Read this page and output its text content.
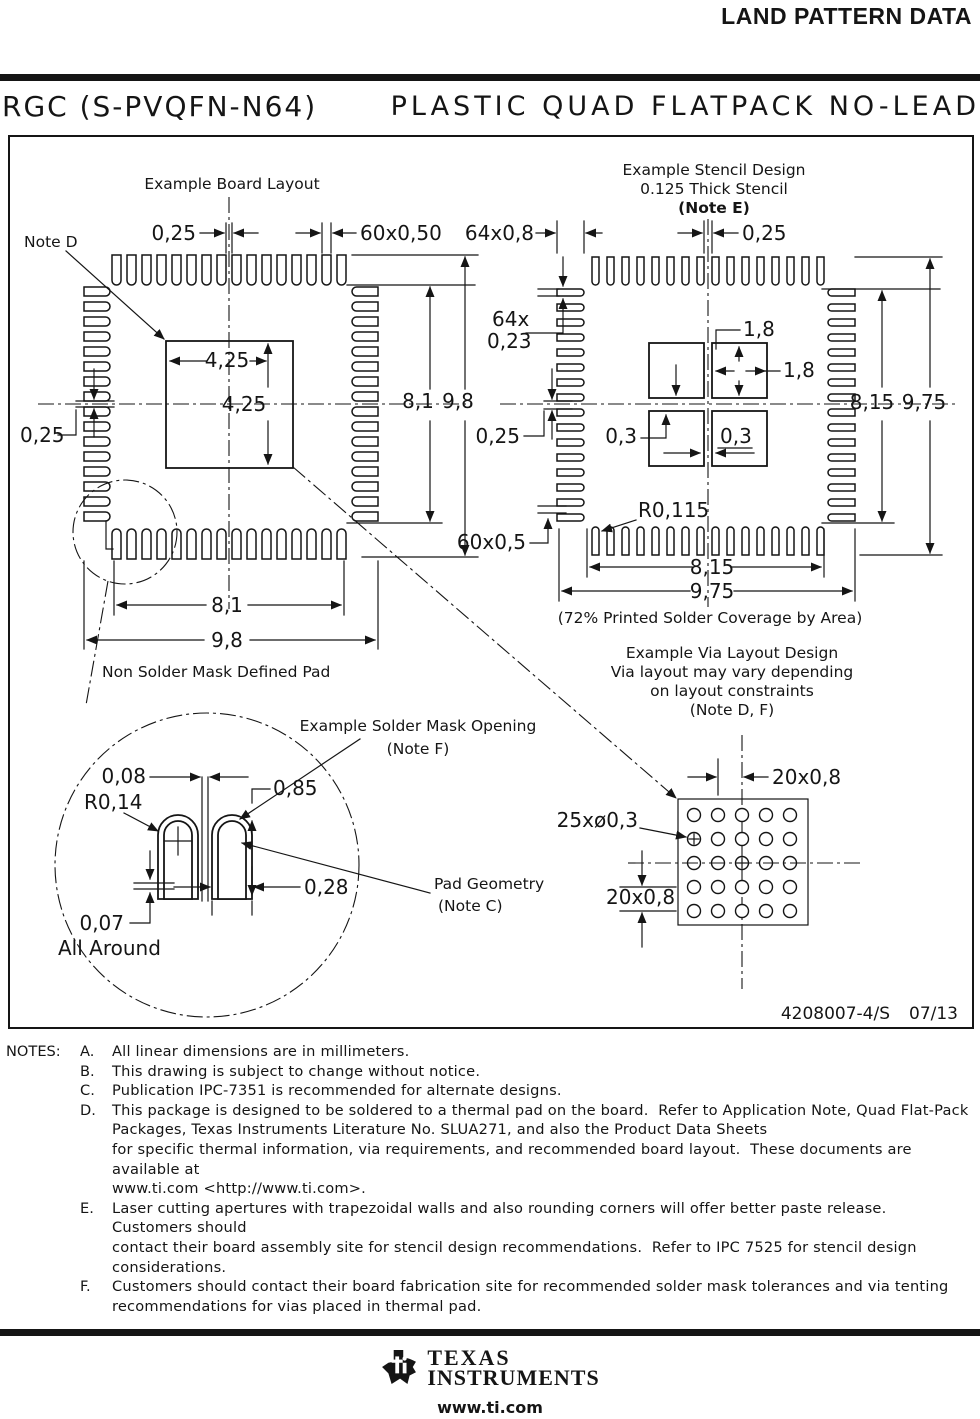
LAND PATTERN DATA
RGC (S-PVQFN-N64)	PLASTIC QUAD FLATPACK NO-LEAD
Example Board Layout
Note D	0,25	60x0,50
4,25
4,25
0,25
8,1 9,8
8,1
9,8
Example Stencil Design
0.125 Thick Stencil
(Note E)
64x0,8	0,25
64x
0,23	1,8
1,8
0,3	0,3
0,25
8,15 9,75
R0,115
60x0,5
8,15
9,75
(72% Printed Solder Coverage by Area)
Non Solder Mask Defined Pad
0,08
R0,14
0,85
Example Solder Mask Opening
(Note F)
0,28
0,07
All Around
Pad Geometry
(Note C)
Example Via Layout Design
Via layout may vary depending
on layout constraints
(Note D, F)
20x0,8
25xø0,3
20x0,8
4208007-4/S 07/13
NOTES: A.	All linear dimensions are in millimeters.
B.	This drawing is subject to change without notice.
C.	Publication IPC-7351 is recommended for alternate designs.
D.	This package is designed to be soldered to a thermal pad on the board.  Refer to Application Note, Quad Flat-Pack
Packages, Texas Instruments Literature No. SLUA271, and also the Product Data Sheets
for specific thermal information, via requirements, and recommended board layout.  These documents are available at
www.ti.com <http://www.ti.com>.
E.	Laser cutting apertures with trapezoidal walls and also rounding corners will offer better paste release.  Customers should
contact their board assembly site for stencil design recommendations.  Refer to IPC 7525 for stencil design considerations.
F.	Customers should contact their board fabrication site for recommended solder mask tolerances and via tenting
recommendations for vias placed in thermal pad.
TEXAS
INSTRUMENTS
www.ti.com
